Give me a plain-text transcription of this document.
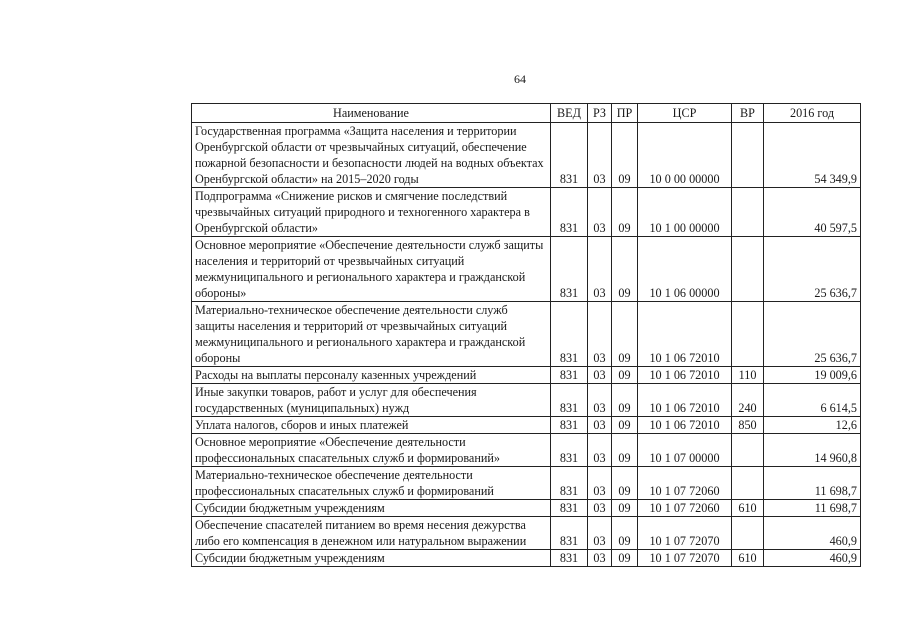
64
Наименование	ВЕД	РЗ	ПР	ЦСР	ВР	2016 год
Государственная программа «Защита населения и территории Оренбургской области от чрезвычайных ситуаций, обеспечение пожарной безопасности и безопасности людей на водных объектах Оренбургской области» на 2015–2020 годы	831	03	09	10 0 00 00000		54 349,9
Подпрограмма «Снижение рисков и смягчение последствий чрезвычайных ситуаций природного и техногенного характера в Оренбургской области»	831	03	09	10 1 00 00000		40 597,5
Основное мероприятие «Обеспечение деятельности служб защиты населения и территорий от чрезвычайных ситуаций межмуниципального и регионального характера и гражданской обороны»	831	03	09	10 1 06 00000		25 636,7
Материально-техническое обеспечение деятельности служб защиты населения и территорий от чрезвычайных ситуаций межмуниципального и регионального характера и гражданской обороны	831	03	09	10 1 06 72010		25 636,7
Расходы на выплаты персоналу казенных учреждений	831	03	09	10 1 06 72010	110	19 009,6
Иные закупки товаров, работ и услуг для обеспечения государственных (муниципальных) нужд	831	03	09	10 1 06 72010	240	6 614,5
Уплата налогов, сборов и иных платежей	831	03	09	10 1 06 72010	850	12,6
Основное мероприятие «Обеспечение деятельности профессиональных спасательных служб и формирований»	831	03	09	10 1 07 00000		14 960,8
Материально-техническое обеспечение деятельности профессиональных спасательных служб и формирований	831	03	09	10 1 07 72060		11 698,7
Субсидии бюджетным учреждениям	831	03	09	10 1 07 72060	610	11 698,7
Обеспечение спасателей питанием во время несения дежурства либо его компенсация в денежном или натуральном выражении	831	03	09	10 1 07 72070		460,9
Субсидии бюджетным учреждениям	831	03	09	10 1 07 72070	610	460,9
